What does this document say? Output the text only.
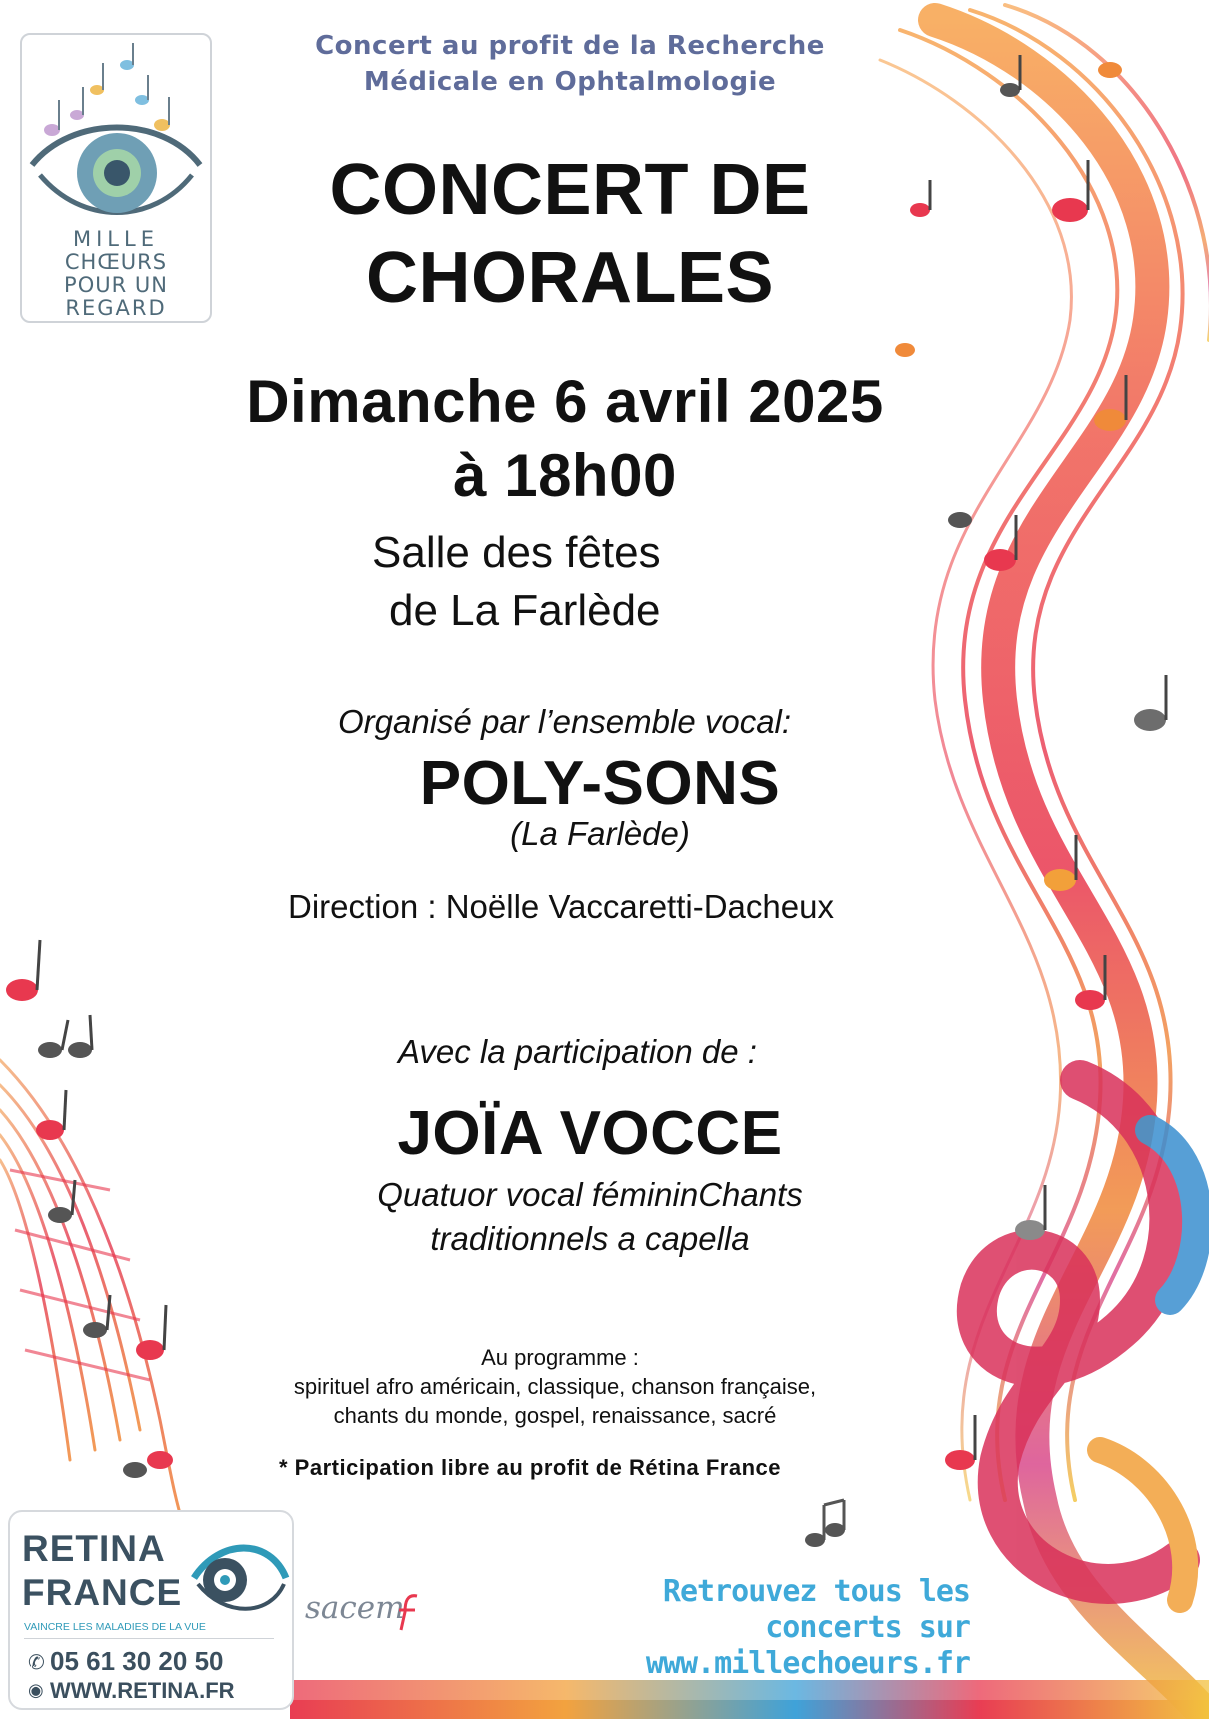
MILLE
CHŒURS
POUR UN
REGARD
Concert au profit de la Recherche
Médicale en Ophtalmologie
CONCERT DE
CHORALES
Dimanche 6 avril 2025
à 18h00
Salle des fêtes
de La Farlède
Organisé par l’ensemble vocal:
POLY-SONS
(La Farlède)
Direction : Noëlle Vaccaretti-Dacheux
Avec la participation de :
JOÏA VOCCE
Quatuor vocal fémininChants
traditionnels a capella
Au programme :
spirituel afro américain, classique, chanson française,
chants du monde, gospel, renaissance, sacré
* Participation libre au profit de Rétina France
RETINA
FRANCE
VAINCRE LES MALADIES DE LA VUE
✆ 05 61 30 20 50
◉ WWW.RETINA.FR
sacem	Retrouvez tous les concerts sur
www.millechoeurs.fr
